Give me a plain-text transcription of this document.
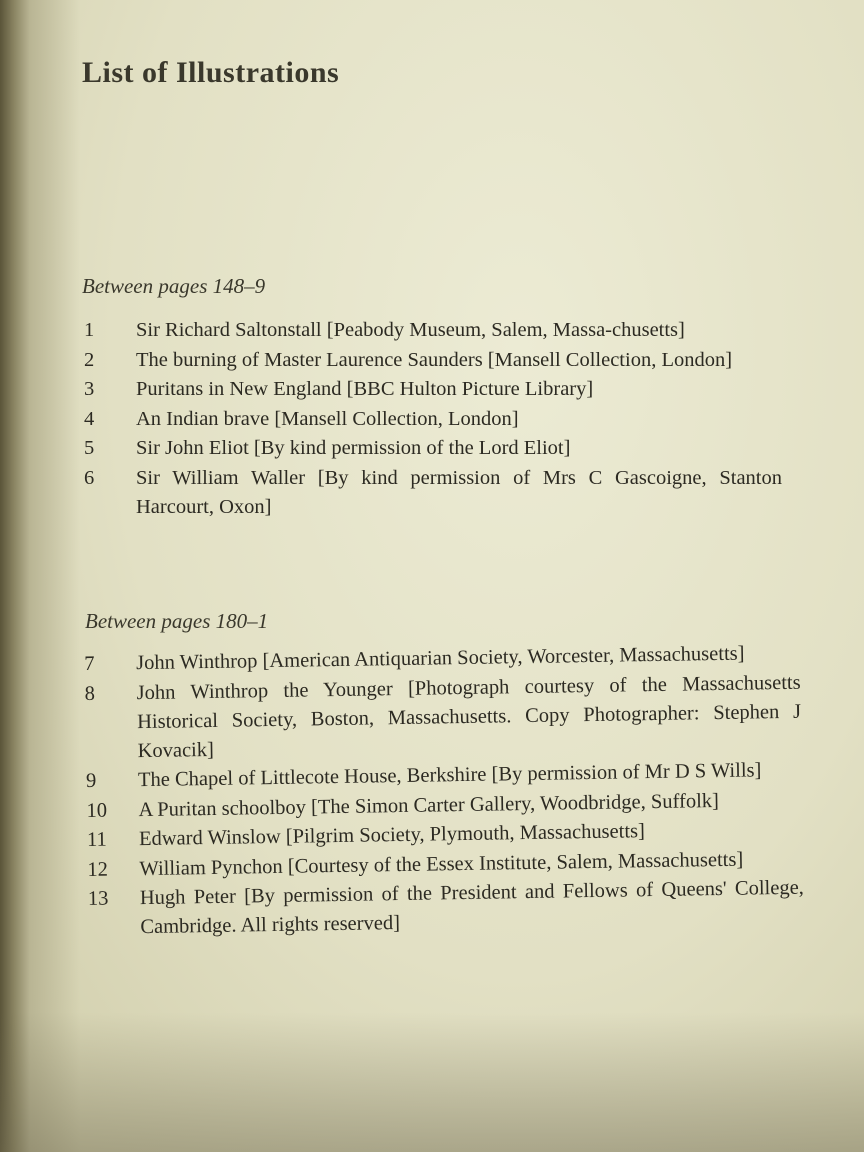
List of Illustrations
Between pages 148–9
1	Sir Richard Saltonstall [Peabody Museum, Salem, Massa-chusetts]
2	The burning of Master Laurence Saunders [Mansell Collection, London]
3	Puritans in New England [BBC Hulton Picture Library]
4	An Indian brave [Mansell Collection, London]
5	Sir John Eliot [By kind permission of the Lord Eliot]
6	Sir William Waller [By kind permission of Mrs C Gascoigne, Stanton Harcourt, Oxon]
Between pages 180–1
7	John Winthrop [American Antiquarian Society, Worcester, Massachusetts]
8	John Winthrop the Younger [Photograph courtesy of the Massachusetts Historical Society, Boston, Massachusetts. Copy Photographer: Stephen J Kovacik]
9	The Chapel of Littlecote House, Berkshire [By permission of Mr D S Wills]
10	A Puritan schoolboy [The Simon Carter Gallery, Woodbridge, Suffolk]
11	Edward Winslow [Pilgrim Society, Plymouth, Massachusetts]
12	William Pynchon [Courtesy of the Essex Institute, Salem, Massachusetts]
13	Hugh Peter [By permission of the President and Fellows of Queens' College, Cambridge. All rights reserved]
